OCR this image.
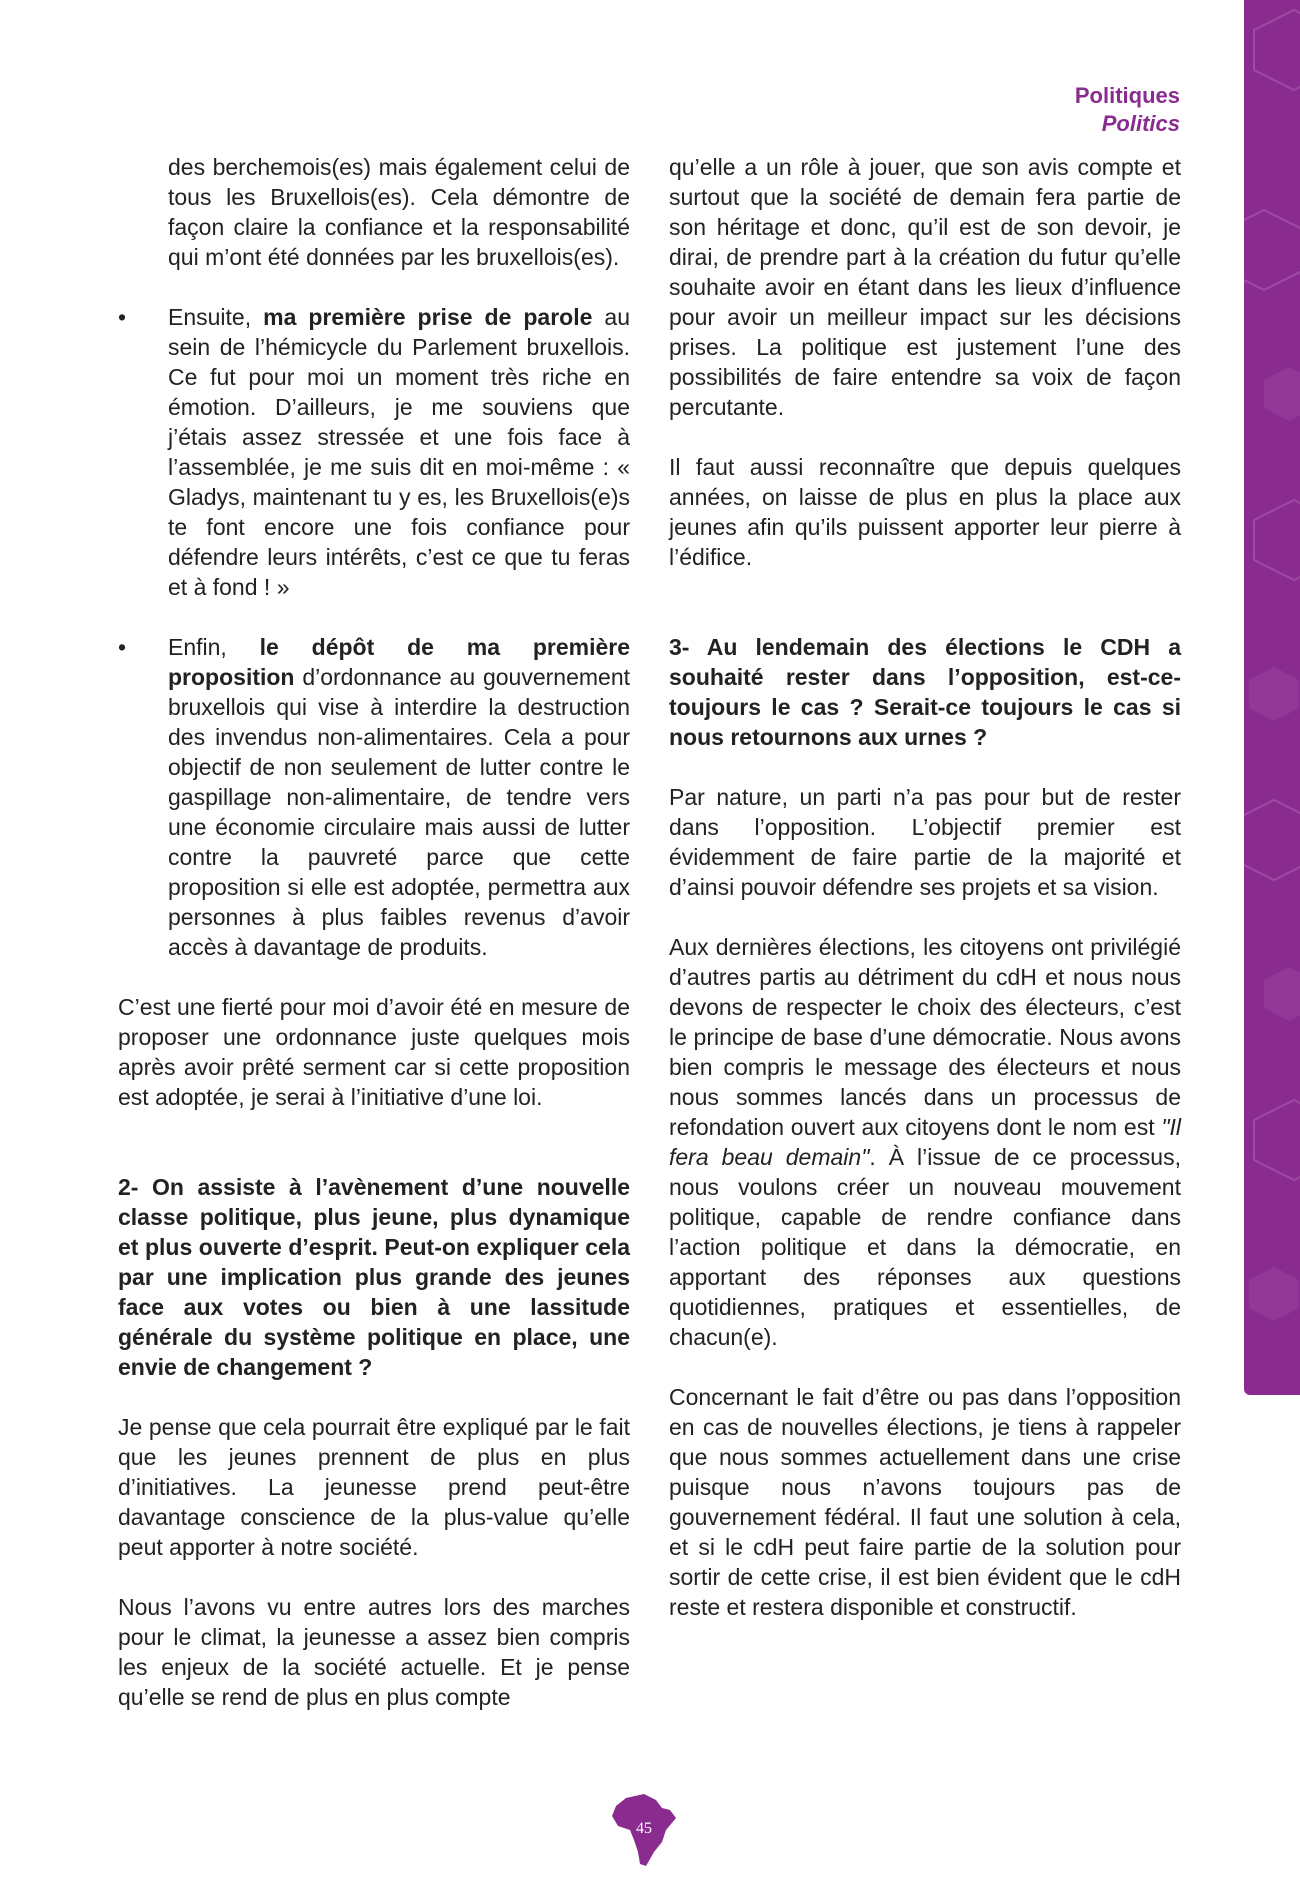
Politiques
Politics

des berchemois(es) mais également celui de tous les Bruxellois(es). Cela démontre de façon claire la confiance et la responsabilité qui m’ont été données par les bruxellois(es).

•	Ensuite, ma première prise de parole au sein de l’hémicycle du Parlement bruxellois. Ce fut pour moi un moment très riche en émotion. D’ailleurs, je me souviens que j’étais assez stressée et une fois face à l’assemblée, je me suis dit en moi-même : « Gladys, maintenant tu y es, les Bruxellois(e)s te font encore une fois confiance pour défendre leurs intérêts, c’est ce que tu feras et à fond ! »
•	Enfin, le dépôt de ma première proposition d’ordonnance au gouvernement bruxellois qui vise à interdire la destruction des invendus non-alimentaires. Cela a pour objectif de non seulement de lutter contre le gaspillage non-alimentaire, de tendre vers une économie circulaire mais aussi de lutter contre la pauvreté parce que cette proposition si elle est adoptée, permettra aux personnes à plus faibles revenus d’avoir accès à davantage de produits.

C’est une fierté pour moi d’avoir été en mesure de proposer une ordonnance juste quelques mois après avoir prêté serment car si cette proposition est adoptée, je serai à l’initiative d’une loi.

2- On assiste à l’avènement d’une nouvelle classe politique, plus jeune, plus dynamique et plus ouverte d’esprit. Peut-on expliquer cela par une implication plus grande des jeunes face aux votes ou bien à une lassitude générale du système politique en place, une envie de changement ?

Je pense que cela pourrait être expliqué par le fait que les jeunes prennent de plus en plus d’initiatives. La jeunesse prend peut-être davantage conscience de la plus-value qu’elle peut apporter à notre société.

Nous l’avons vu entre autres lors des marches pour le climat, la jeunesse a assez bien compris les enjeux de la société actuelle. Et je pense qu’elle se rend de plus en plus compte

qu’elle a un rôle à jouer, que son avis compte et surtout que la société de demain fera partie de son héritage et donc, qu’il est de son devoir, je dirai, de prendre part à la création du futur qu’elle souhaite avoir en étant dans les lieux d’influence pour avoir un meilleur impact sur les décisions prises. La politique est justement l’une des possibilités de faire entendre sa voix de façon percutante.

Il faut aussi reconnaître que depuis quelques années, on laisse de plus en plus la place aux jeunes afin qu’ils puissent apporter leur pierre à l’édifice.

3- Au lendemain des élections le CDH a souhaité rester dans l’opposition, est-ce-toujours le cas ? Serait-ce toujours le cas si nous retournons aux urnes ?

Par nature, un parti n’a pas pour but de rester dans l’opposition. L’objectif premier est évidemment de faire partie de la majorité et d’ainsi pouvoir défendre ses projets et sa vision.

Aux dernières élections, les citoyens ont privilégié d’autres partis au détriment du cdH et nous nous devons de respecter le choix des électeurs, c’est le principe de base d’une démocratie. Nous avons bien compris le message des électeurs et nous nous sommes lancés dans un processus de refondation ouvert aux citoyens dont le nom est "Il fera beau demain". À l’issue de ce processus, nous voulons créer un nouveau mouvement politique, capable de rendre confiance dans l’action politique et dans la démocratie, en apportant des réponses aux questions quotidiennes, pratiques et essentielles, de chacun(e).

Concernant le fait d’être ou pas dans l’opposition en cas de nouvelles élections, je tiens à rappeler que nous sommes actuellement dans une crise puisque nous n’avons toujours pas de gouvernement fédéral. Il faut une solution à cela, et si le cdH peut faire partie de la solution pour sortir de cette crise, il est bien évident que le cdH reste et restera disponible et constructif.

45
